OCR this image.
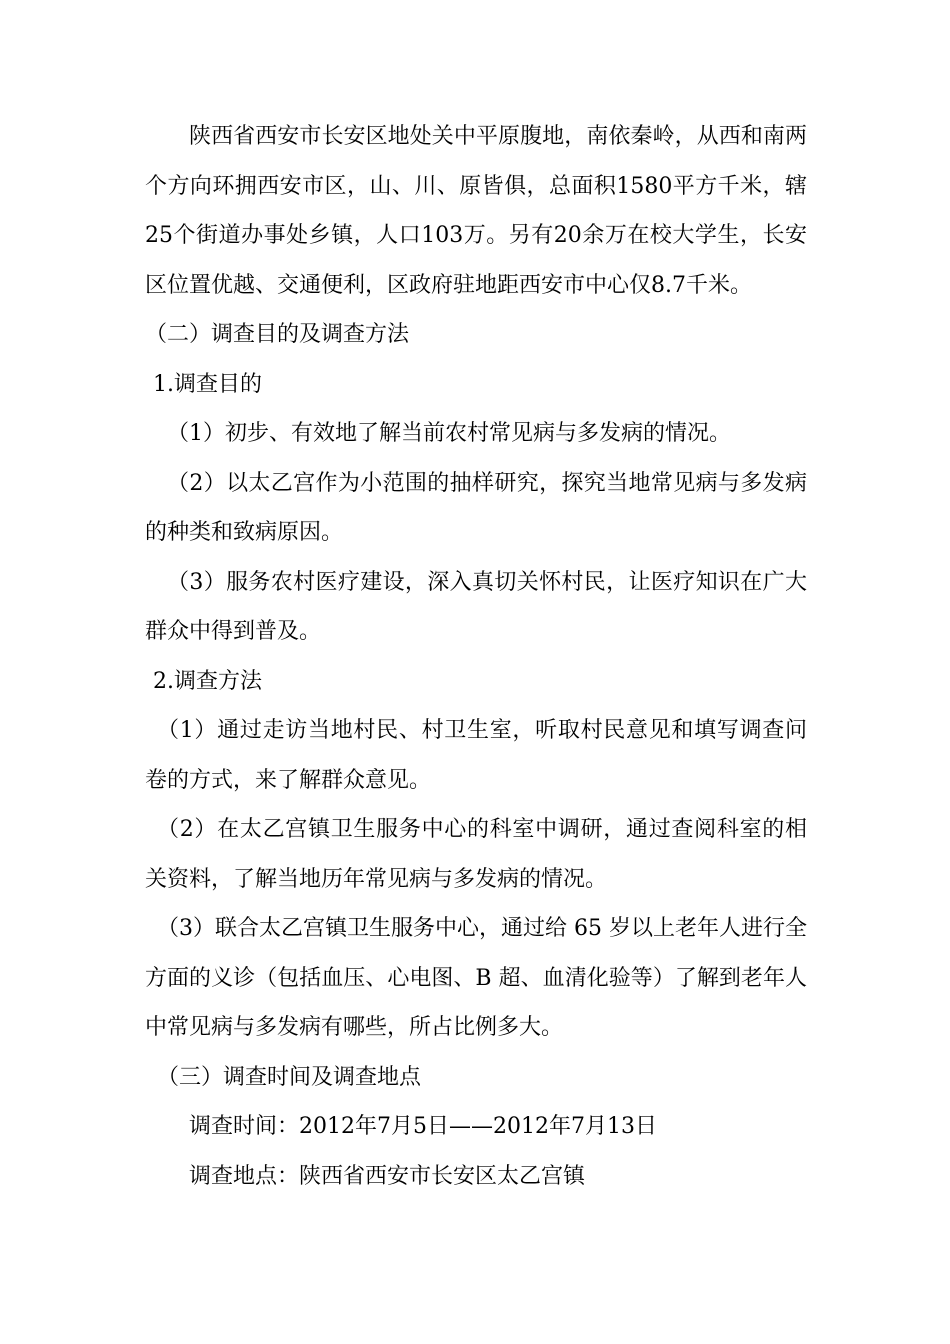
陕西省西安市长安区地处关中平原腹地，南依秦岭，从西和南两个方向环拥西安市区，山、川、原皆俱，总面积1580平方千米，辖25个街道办事处乡镇，人口103万。另有20余万在校大学生，长安区位置优越、交通便利，区政府驻地距西安市中心仅8.7千米。

（二）调查目的及调查方法

1.调查目的

（1）初步、有效地了解当前农村常见病与多发病的情况。

（2）以太乙宫作为小范围的抽样研究，探究当地常见病与多发病的种类和致病原因。

（3）服务农村医疗建设，深入真切关怀村民，让医疗知识在广大群众中得到普及。

2.调查方法

（1）通过走访当地村民、村卫生室，听取村民意见和填写调查问卷的方式，来了解群众意见。

（2）在太乙宫镇卫生服务中心的科室中调研，通过查阅科室的相关资料，了解当地历年常见病与多发病的情况。

（3）联合太乙宫镇卫生服务中心，通过给 65 岁以上老年人进行全方面的义诊（包括血压、心电图、B 超、血清化验等）了解到老年人中常见病与多发病有哪些，所占比例多大。

（三）调查时间及调查地点

调查时间：2012年7月5日——2012年7月13日

调查地点：陕西省西安市长安区太乙宫镇
